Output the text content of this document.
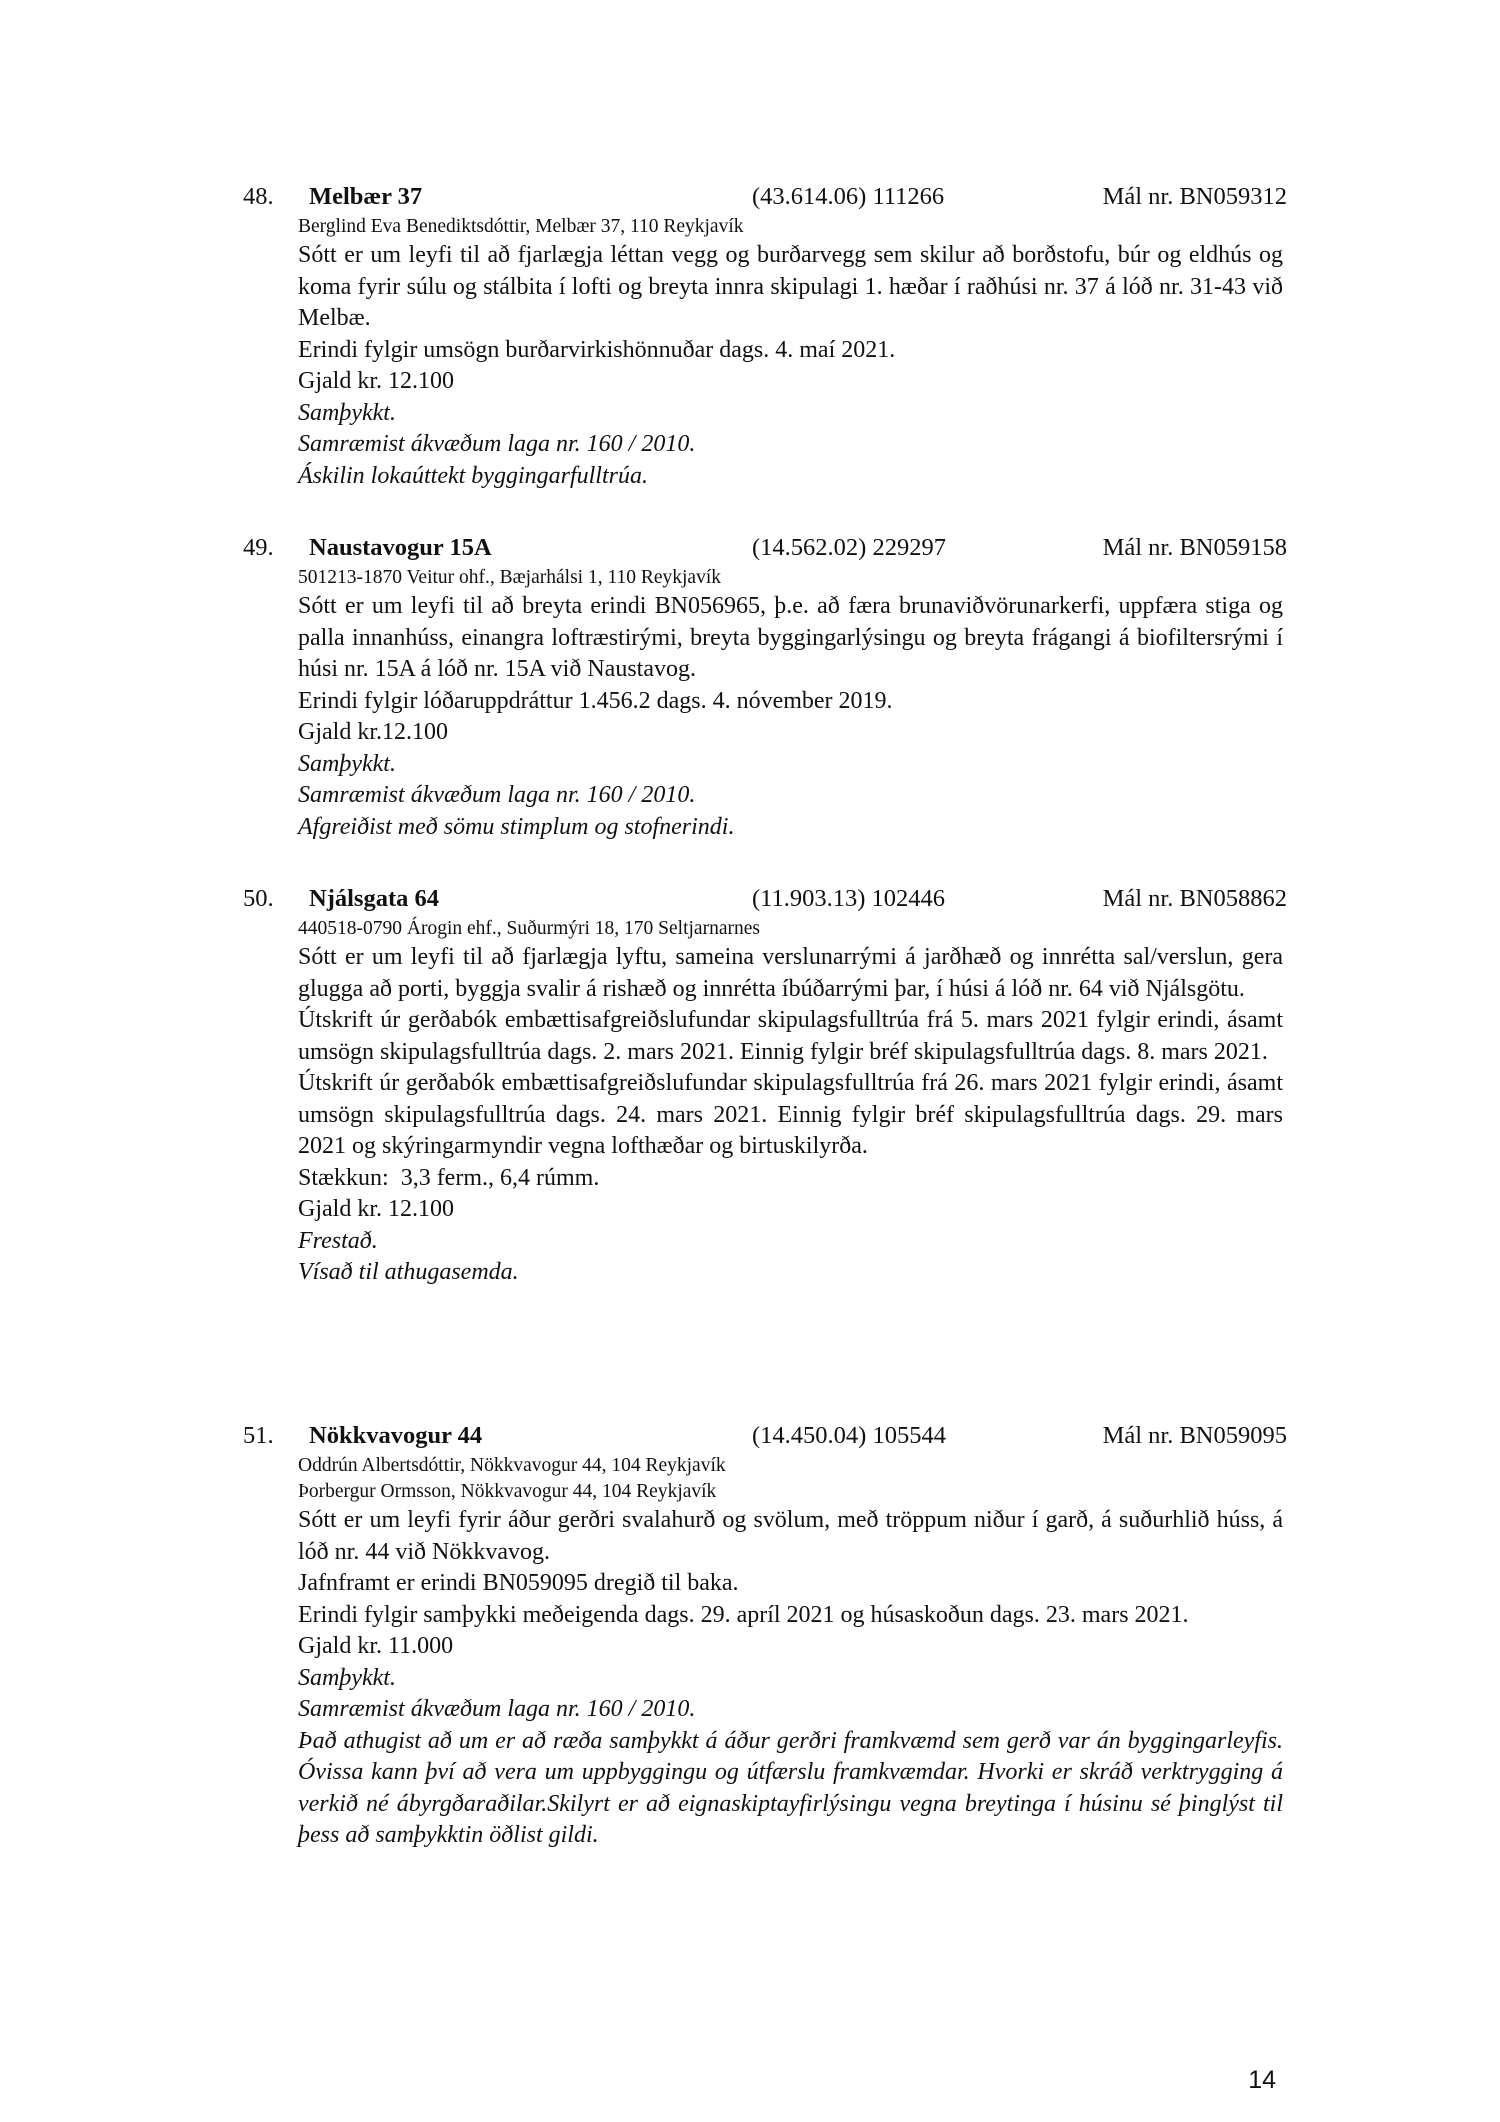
48. Melbær 37	(43.614.06) 111266	Mál nr. BN059312
Berglind Eva Benediktsdóttir, Melbær 37, 110 Reykjavík
Sótt er um leyfi til að fjarlægja léttan vegg og burðarvegg sem skilur að borðstofu, búr og eldhús og koma fyrir súlu og stálbita í lofti og breyta innra skipulagi 1. hæðar í raðhúsi nr. 37 á lóð nr. 31-43 við Melbæ.
Erindi fylgir umsögn burðarvirkishönnuðar dags. 4. maí 2021.
Gjald kr. 12.100
Samþykkt.
Samræmist ákvæðum laga nr. 160 / 2010.
Áskilin lokaúttekt byggingarfulltrúa.
49. Naustavogur 15A	(14.562.02) 229297	Mál nr. BN059158
501213-1870 Veitur ohf., Bæjarhálsi 1, 110 Reykjavík
Sótt er um leyfi til að breyta erindi BN056965, þ.e. að færa brunaviðvörunarkerfi, uppfæra stiga og palla innanhúss, einangra loftræstirými, breyta byggingarlýsingu og breyta frágangi á biofiltersrými í húsi nr. 15A á lóð nr. 15A við Naustavog.
Erindi fylgir lóðaruppdráttur 1.456.2 dags. 4. nóvember 2019.
Gjald kr.12.100
Samþykkt.
Samræmist ákvæðum laga nr. 160 / 2010.
Afgreiðist með sömu stimplum og stofnerindi.
50. Njálsgata 64	(11.903.13) 102446	Mál nr. BN058862
440518-0790 Árogin ehf., Suðurmýri 18, 170 Seltjarnarnes
Sótt er um leyfi til að fjarlægja lyftu, sameina verslunarrými á jarðhæð og innrétta sal/verslun, gera glugga að porti, byggja svalir á rishæð og innrétta íbúðarrými þar, í húsi á lóð nr. 64 við Njálsgötu.
Útskrift úr gerðabók embættisafgreiðslufundar skipulagsfulltrúa frá 5. mars 2021 fylgir erindi, ásamt umsögn skipulagsfulltrúa dags. 2. mars 2021. Einnig fylgir bréf skipulagsfulltrúa dags. 8. mars 2021.
Útskrift úr gerðabók embættisafgreiðslufundar skipulagsfulltrúa frá 26. mars 2021 fylgir erindi, ásamt umsögn skipulagsfulltrúa dags. 24. mars 2021. Einnig fylgir bréf skipulagsfulltrúa dags. 29. mars 2021 og skýringarmyndir vegna lofthæðar og birtuskilyrða.
Stækkun:  3,3 ferm., 6,4 rúmm.
Gjald kr. 12.100
Frestað.
Vísað til athugasemda.
51. Nökkvavogur 44	(14.450.04) 105544	Mál nr. BN059095
Oddrún Albertsdóttir, Nökkvavogur 44, 104 Reykjavík
Þorbergur Ormsson, Nökkvavogur 44, 104 Reykjavík
Sótt er um leyfi fyrir áður gerðri svalahurð og svölum, með tröppum niður í garð, á suðurhlið húss, á lóð nr. 44 við Nökkvavog.
Jafnframt er erindi BN059095 dregið til baka.
Erindi fylgir samþykki meðeigenda dags. 29. apríl 2021 og húsaskoðun dags. 23. mars 2021.
Gjald kr. 11.000
Samþykkt.
Samræmist ákvæðum laga nr. 160 / 2010.
Það athugist að um er að ræða samþykkt á áður gerðri framkvæmd sem gerð var án byggingarleyfis. Óvissa kann því að vera um uppbyggingu og útfærslu framkvæmdar. Hvorki er skráð verktrygging á verkið né ábyrgðaraðilar.Skilyrt er að eignaskiptayfirlýsingu vegna breytinga í húsinu sé þinglýst til þess að samþykktin öðlist gildi.
14
